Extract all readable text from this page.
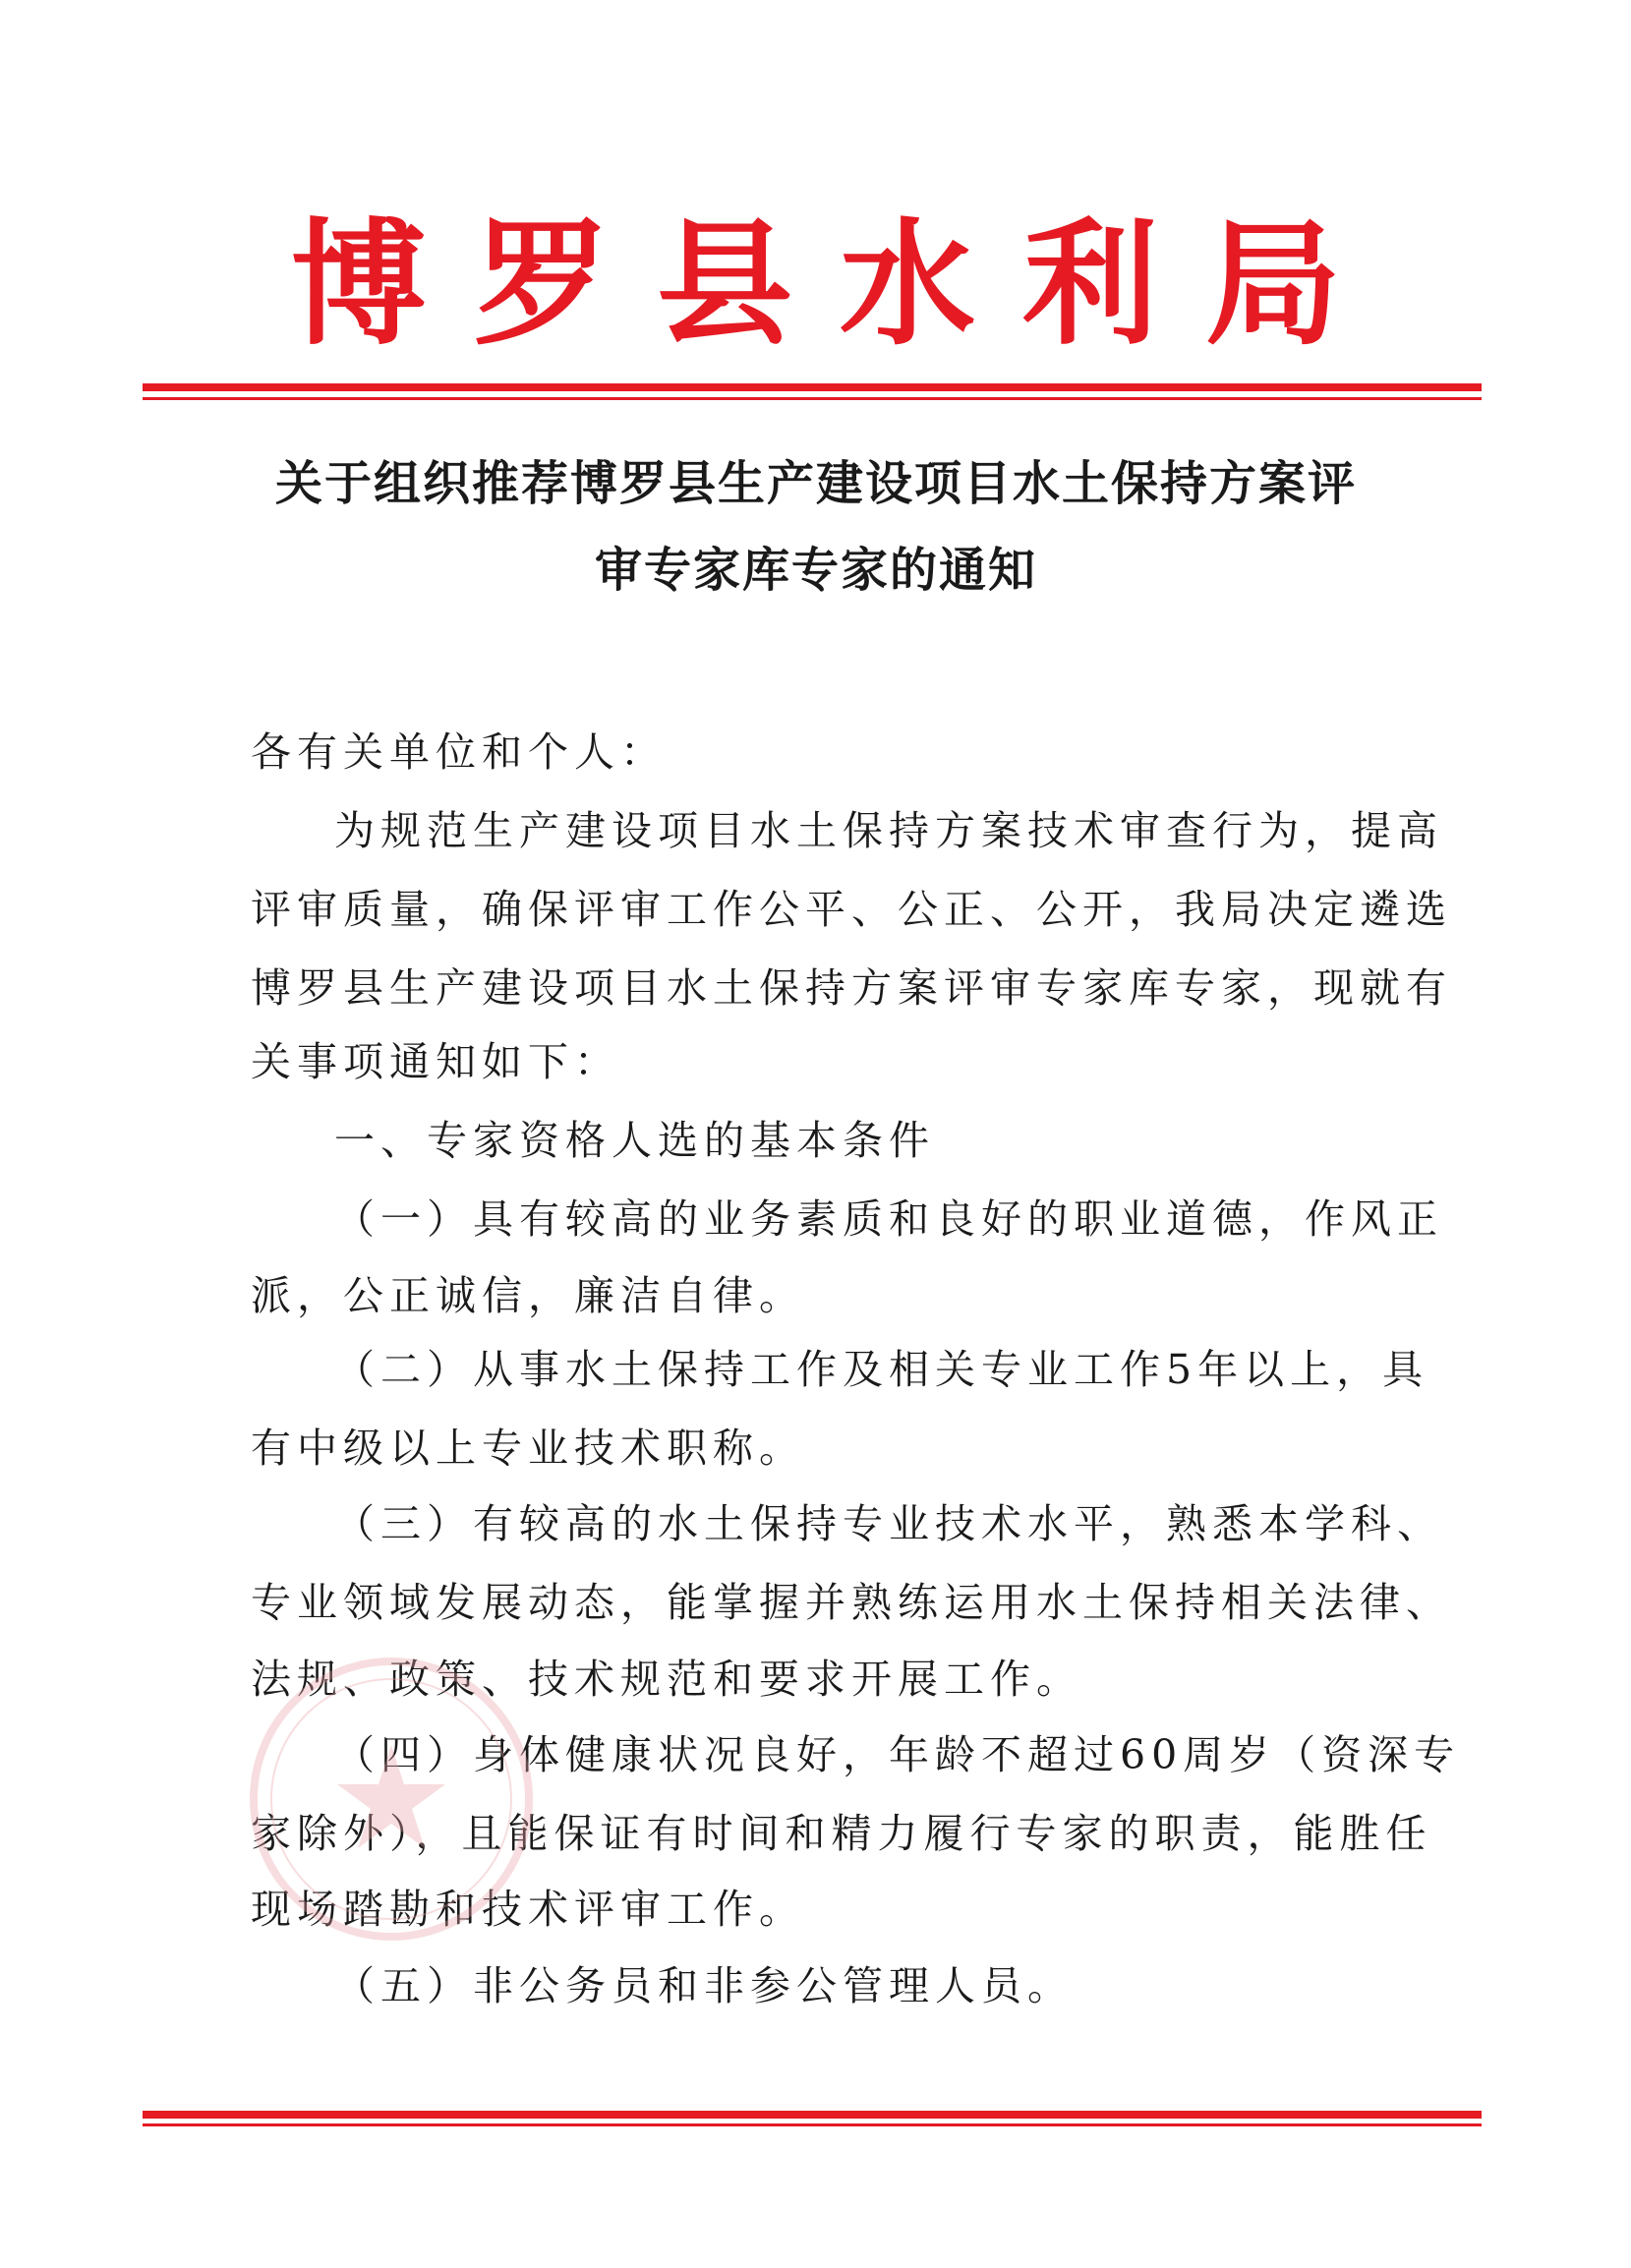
博罗县水利局
关于组织推荐博罗县生产建设项目水土保持方案评
审专家库专家的通知
各有关单位和个人：
为规范生产建设项目水土保持方案技术审查行为，提高
评审质量，确保评审工作公平、公正、公开，我局决定遴选
博罗县生产建设项目水土保持方案评审专家库专家，现就有
关事项通知如下：
一、专家资格人选的基本条件
（一）具有较高的业务素质和良好的职业道德，作风正
派，公正诚信，廉洁自律。
（二）从事水土保持工作及相关专业工作5年以上，具
有中级以上专业技术职称。
（三）有较高的水土保持专业技术水平，熟悉本学科、
专业领域发展动态，能掌握并熟练运用水土保持相关法律、
法规、政策、技术规范和要求开展工作。
（四）身体健康状况良好，年龄不超过60周岁（资深专
家除外），且能保证有时间和精力履行专家的职责，能胜任
现场踏勘和技术评审工作。
（五）非公务员和非参公管理人员。
